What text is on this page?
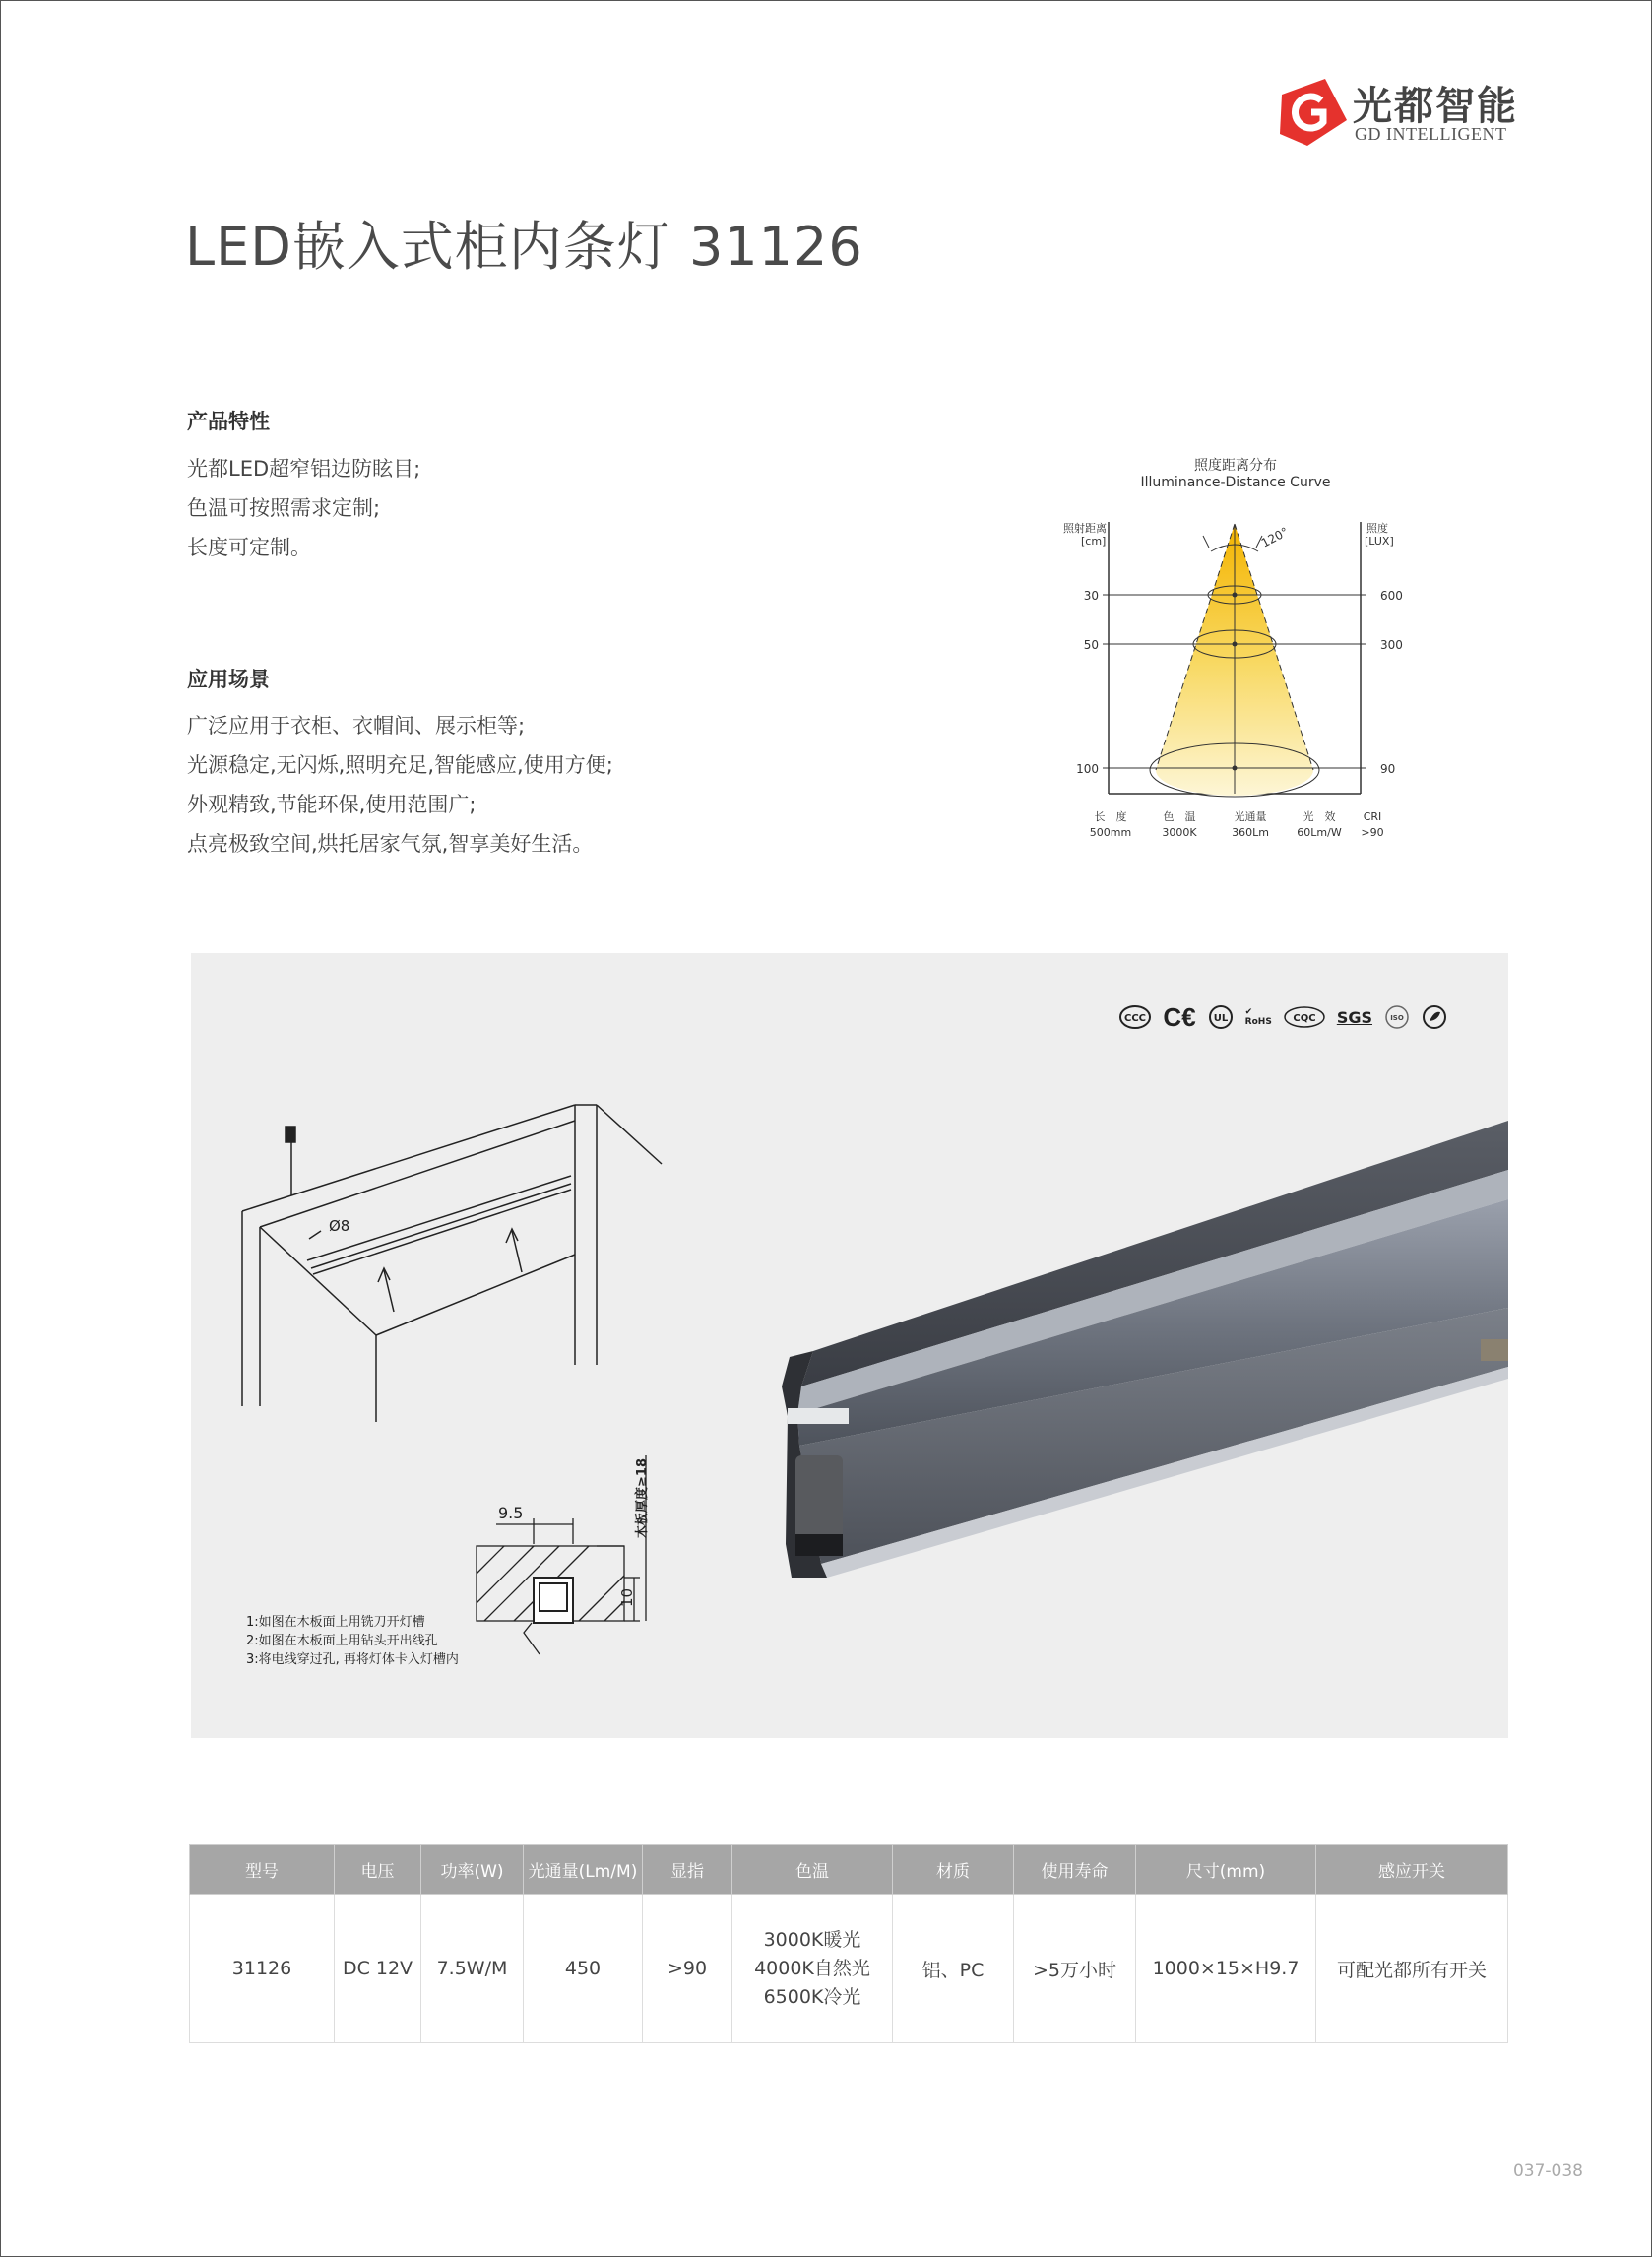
光都智能
GD INTELLIGENT
LED嵌入式柜内条灯 31126
产品特性
光都LED超窄铝边防眩目;
色温可按照需求定制;
长度可定制。
应用场景
广泛应用于衣柜、衣帽间、展示柜等;
光源稳定,无闪烁,照明充足,智能感应,使用方便;
外观精致,节能环保,使用范围广;
点亮极致空间,烘托居家气氛,智享美好生活。
照度距离分布
Illuminance-Distance Curve
120°
照射距离
[cm]
照度
[LUX]
30
50
100
600
300
90
长　度
500mm
色　温
3000K
光通量
360Lm
光　效
60Lm/W
CRI
>90
CCC C€ UL
✔
RoHS CQC SGS	ISO
Ø8
9.5
10
木板厚度≥18
1:如图在木板面上用铣刀开灯槽
2:如图在木板面上用钻头开出线孔
3:将电线穿过孔, 再将灯体卡入灯槽内
型号	电压	功率(W)	光通量(Lm/M)	显指	色温	材质	使用寿命	尺寸(mm)	感应开关
31126	DC 12V	7.5W/M	450	>90	3000K暖光
4000K自然光
6500K冷光	铝、PC	>5万小时	1000×15×H9.7	可配光都所有开关
037-038
